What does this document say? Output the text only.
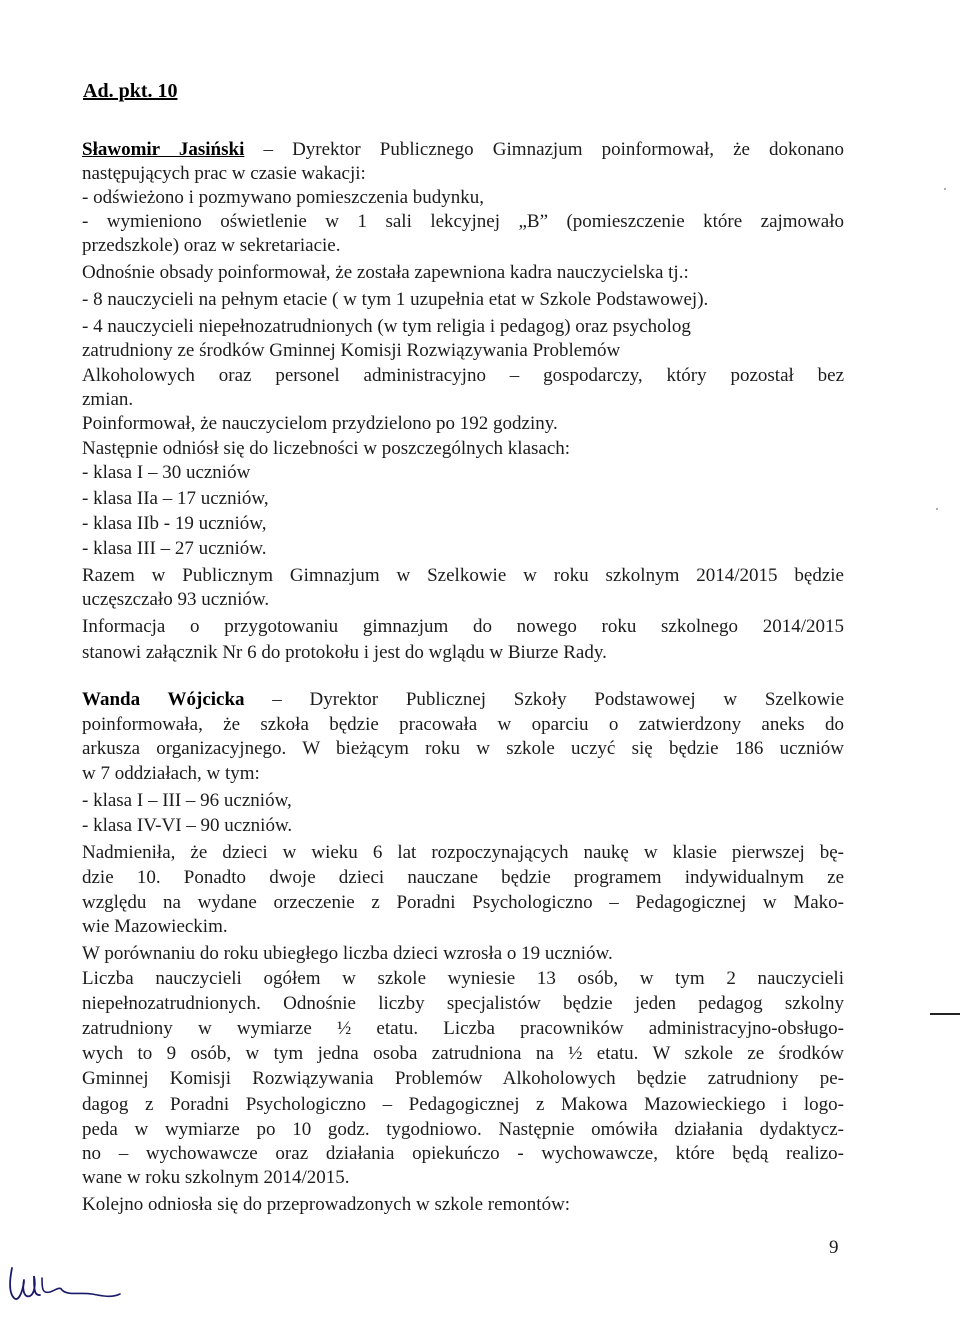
Ad. pkt. 10
Sławomir Jasiński – Dyrektor Publicznego Gimnazjum poinformował, że dokonano
następujących prac w czasie wakacji:
- odświeżono i pozmywano pomieszczenia budynku,
- wymieniono oświetlenie w 1 sali lekcyjnej „B” (pomieszczenie które zajmowało
przedszkole) oraz w sekretariacie.
Odnośnie obsady poinformował, że została zapewniona kadra nauczycielska tj.:
- 8 nauczycieli na pełnym etacie ( w tym 1 uzupełnia etat w Szkole Podstawowej).
- 4 nauczycieli niepełnozatrudnionych (w tym religia i pedagog) oraz psycholog
zatrudniony ze środków Gminnej Komisji Rozwiązywania Problemów
Alkoholowych oraz personel administracyjno – gospodarczy, który pozostał bez
zmian.
Poinformował, że nauczycielom przydzielono po 192 godziny.
Następnie odniósł się do liczebności w poszczególnych klasach:
- klasa I – 30 uczniów
- klasa IIa – 17 uczniów,
- klasa IIb - 19 uczniów,
- klasa III – 27 uczniów.
Razem w Publicznym Gimnazjum w Szelkowie w roku szkolnym 2014/2015 będzie
uczęszczało 93 uczniów.
Informacja o przygotowaniu gimnazjum do nowego roku szkolnego 2014/2015
stanowi załącznik Nr 6 do protokołu i jest do wglądu w Biurze Rady.
Wanda Wójcicka – Dyrektor Publicznej Szkoły Podstawowej w Szelkowie
poinformowała, że szkoła będzie pracowała w oparciu o zatwierdzony aneks do
arkusza organizacyjnego. W bieżącym roku w szkole uczyć się będzie 186 uczniów
w 7 oddziałach, w tym:
- klasa I – III – 96 uczniów,
- klasa IV-VI – 90 uczniów.
Nadmieniła, że dzieci w wieku 6 lat rozpoczynających naukę w klasie pierwszej bę-
dzie 10. Ponadto dwoje dzieci nauczane będzie programem indywidualnym ze
względu na wydane orzeczenie z Poradni Psychologiczno – Pedagogicznej w Mako-
wie Mazowieckim.
W porównaniu do roku ubiegłego liczba dzieci wzrosła o 19 uczniów.
Liczba nauczycieli ogółem w szkole wyniesie 13 osób, w tym 2 nauczycieli
niepełnozatrudnionych. Odnośnie liczby specjalistów będzie jeden pedagog szkolny
zatrudniony w wymiarze ½ etatu. Liczba pracowników administracyjno-obsługo-
wych to 9 osób, w tym jedna osoba zatrudniona na ½ etatu. W szkole ze środków
Gminnej Komisji Rozwiązywania Problemów Alkoholowych będzie zatrudniony pe-
dagog z Poradni Psychologiczno – Pedagogicznej z Makowa Mazowieckiego i logo-
peda w wymiarze po 10 godz. tygodniowo. Następnie omówiła działania dydaktycz-
no – wychowawcze oraz działania opiekuńczo - wychowawcze, które będą realizo-
wane w roku szkolnym 2014/2015.
Kolejno odniosła się do przeprowadzonych w szkole remontów:
9
